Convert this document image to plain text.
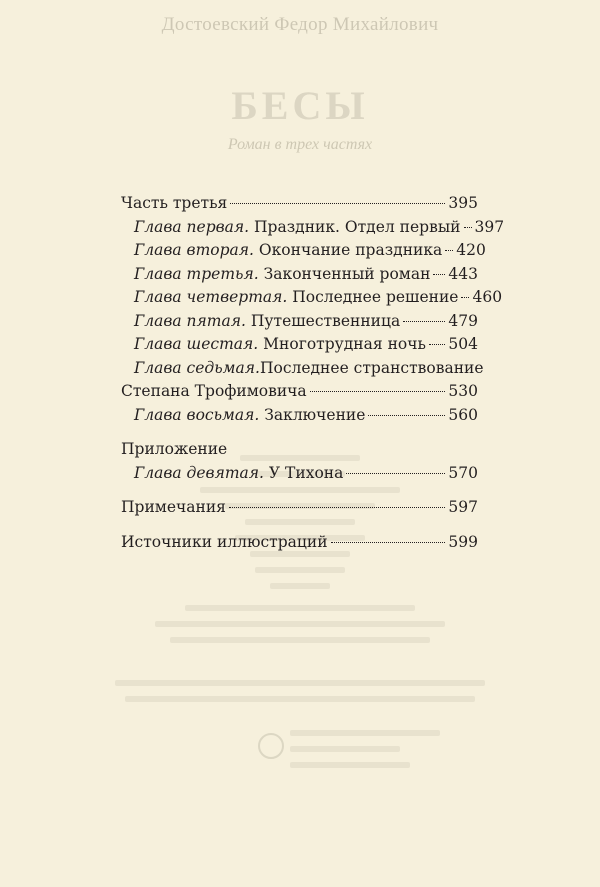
Достоевский Федор Михайлович
БЕСЫ
Роман в трех частях
Часть третья	395
Глава первая. Праздник. Отдел первый 397
Глава вторая. Окончание праздника 420
Глава третья. Законченный роман 443
Глава четвертая. Последнее решение 460
Глава пятая. Путешественница	479
Глава шестая. Многотрудная ночь 504
Глава седьмая. Последнее странствование
Степана Трофимовича	530
Глава восьмая. Заключение	560
Приложение
Глава девятая. У Тихона	570
Примечания	597
Источники иллюстраций	599
